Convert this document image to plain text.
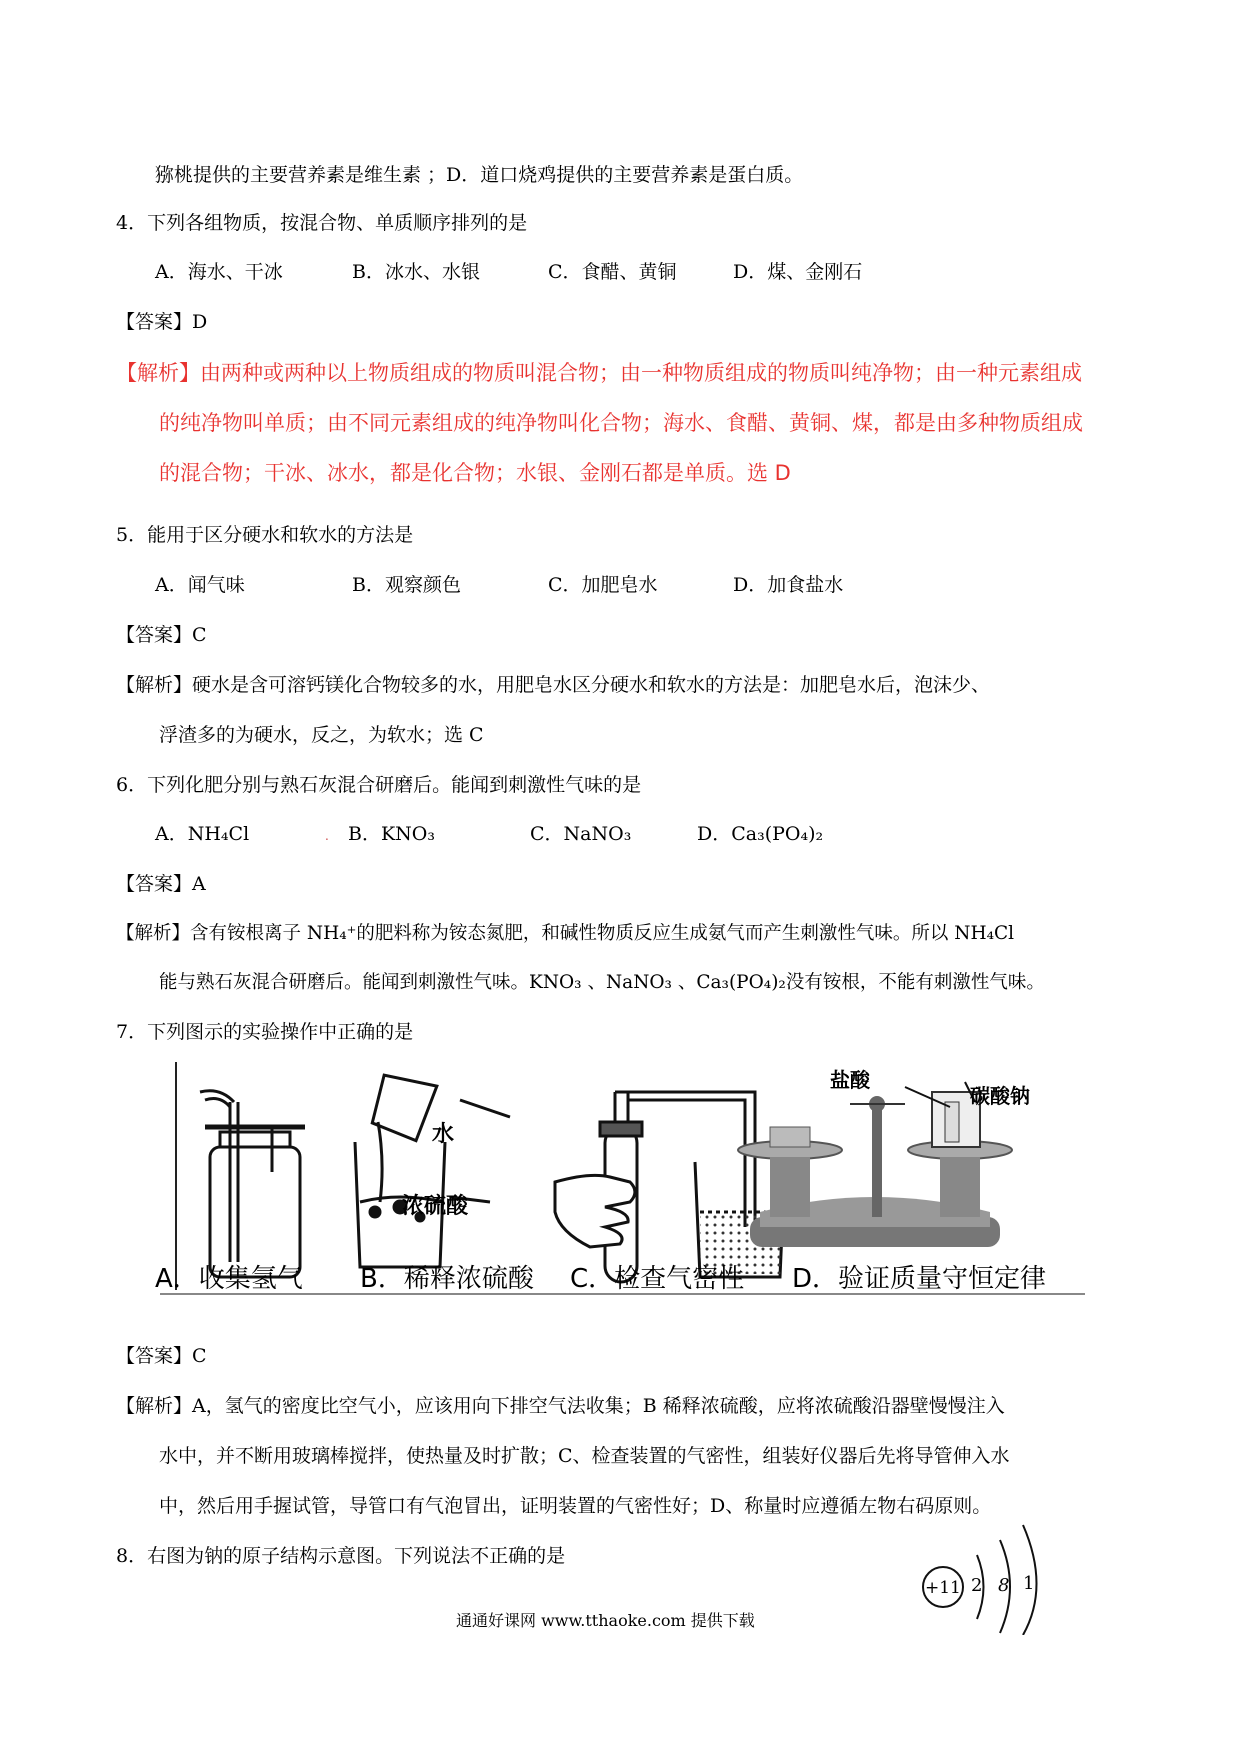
猕桃提供的主要营养素是维生素 ；D．道口烧鸡提供的主要营养素是蛋白质。
4．下列各组物质，按混合物、单质顺序排列的是
A．海水、干冰	B．冰水、水银	C．食醋、黄铜	D．煤、金刚石
【答案】D
【解析】由两种或两种以上物质组成的物质叫混合物；由一种物质组成的物质叫纯净物；由一种元素组成
的纯净物叫单质；由不同元素组成的纯净物叫化合物；海水、食醋、黄铜、煤，都是由多种物质组成
的混合物；干冰、冰水，都是化合物；水银、金刚石都是单质。选 D
5．能用于区分硬水和软水的方法是
A．闻气味	B．观察颜色	C．加肥皂水	D．加食盐水
【答案】C
【解析】硬水是含可溶钙镁化合物较多的水，用肥皂水区分硬水和软水的方法是：加肥皂水后，泡沫少、
浮渣多的为硬水，反之，为软水；选 C
6．下列化肥分别与熟石灰混合研磨后。能闻到刺激性气味的是
A．NH₄Cl	. B．KNO₃	C．NaNO₃	D．Ca₃(PO₄)₂
【答案】A
【解析】含有铵根离子 NH₄⁺的肥料称为铵态氮肥，和碱性物质反应生成氨气而产生刺激性气味。所以 NH₄Cl
能与熟石灰混合研磨后。能闻到刺激性气味。KNO₃ 、NaNO₃ 、Ca₃(PO₄)₂没有铵根，不能有刺激性气味。
7．下列图示的实验操作中正确的是
水
浓硫酸
盐酸
碳酸钠
A．收集氢气 B．稀释浓硫酸 C．检查气密性 D．验证质量守恒定律
【答案】C
【解析】A，氢气的密度比空气小，应该用向下排空气法收集；B 稀释浓硫酸，应将浓硫酸沿器壁慢慢注入
水中，并不断用玻璃棒搅拌，使热量及时扩散；C、检查装置的气密性，组装好仪器后先将导管伸入水
中，然后用手握试管，导管口有气泡冒出，证明装置的气密性好；D、称量时应遵循左物右码原则。
8．右图为钠的原子结构示意图。下列说法不正确的是
+11 2 8 1
通通好课网 www.tthaoke.com 提供下载
